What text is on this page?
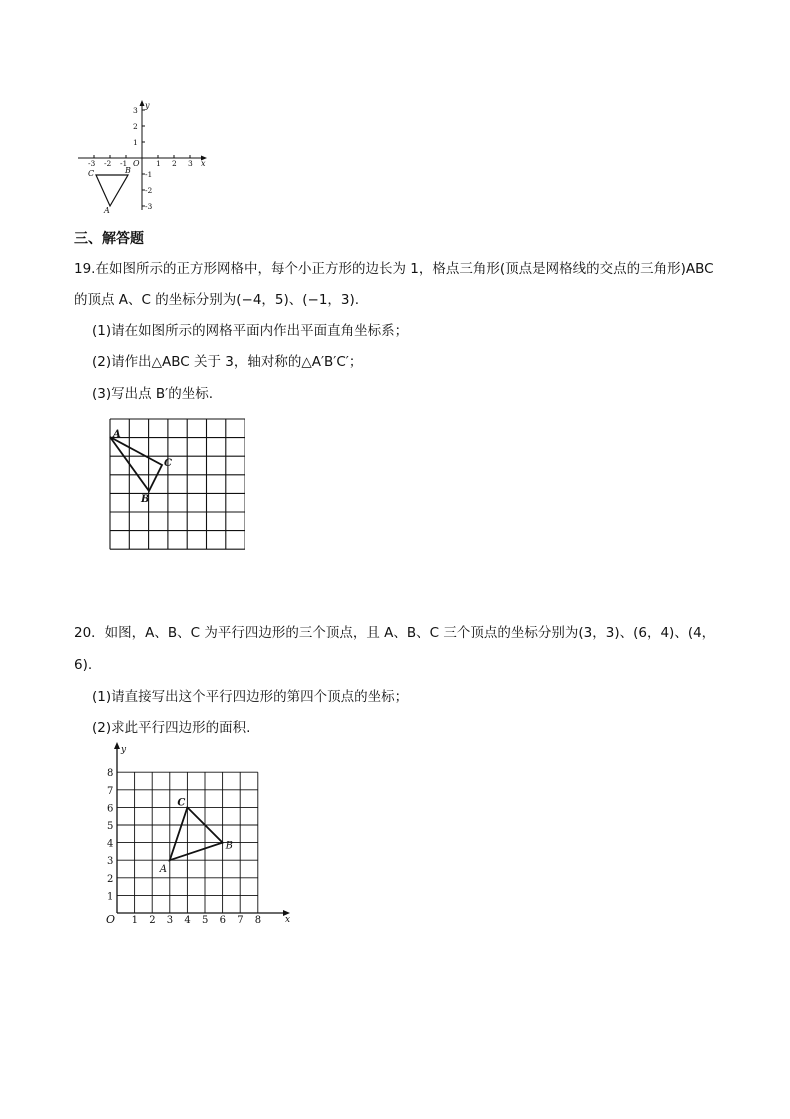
y
x
O
-3 -2 -1	1 2 3
3
2
1
-1
-2
-3
C	B
A
三、解答题
19.在如图所示的正方形网格中，每个小正方形的边长为 1，格点三角形(顶点是网格线的交点的三角形)ABC
的顶点 A、C 的坐标分别为(−4，5)、(−1，3).
(1)请在如图所示的网格平面内作出平面直角坐标系；
(2)请作出△ABC 关于 3，轴对称的△A′B′C′；
(3)写出点 B′的坐标.
A
C
B
20．如图，A、B、C 为平行四边形的三个顶点，且 A、B、C 三个顶点的坐标分别为(3，3)、(6，4)、(4，
6).
(1)请直接写出这个平行四边形的第四个顶点的坐标；
(2)求此平行四边形的面积.
y
x
O 1 2 3 4 5 6 7 8
1
2
3
4
5
6
7
8
A
B
C
